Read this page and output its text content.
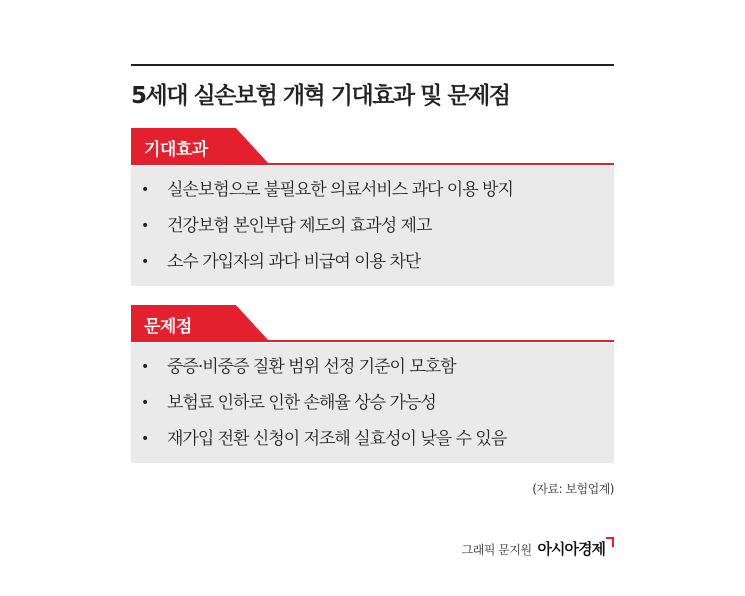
5세대 실손보험 개혁 기대효과 및 문제점
기대효과
• 실손보험으로 불필요한 의료서비스 과다 이용 방지
• 건강보험 본인부담 제도의 효과성 제고
• 소수 가입자의 과다 비급여 이용 차단
문제점
• 중증·비중증 질환 범위 선정 기준이 모호함
• 보험료 인하로 인한 손해율 상승 가능성
• 재가입 전환 신청이 저조해 실효성이 낮을 수 있음
(자료: 보험업계)
그래픽 문지원 아시아경제
